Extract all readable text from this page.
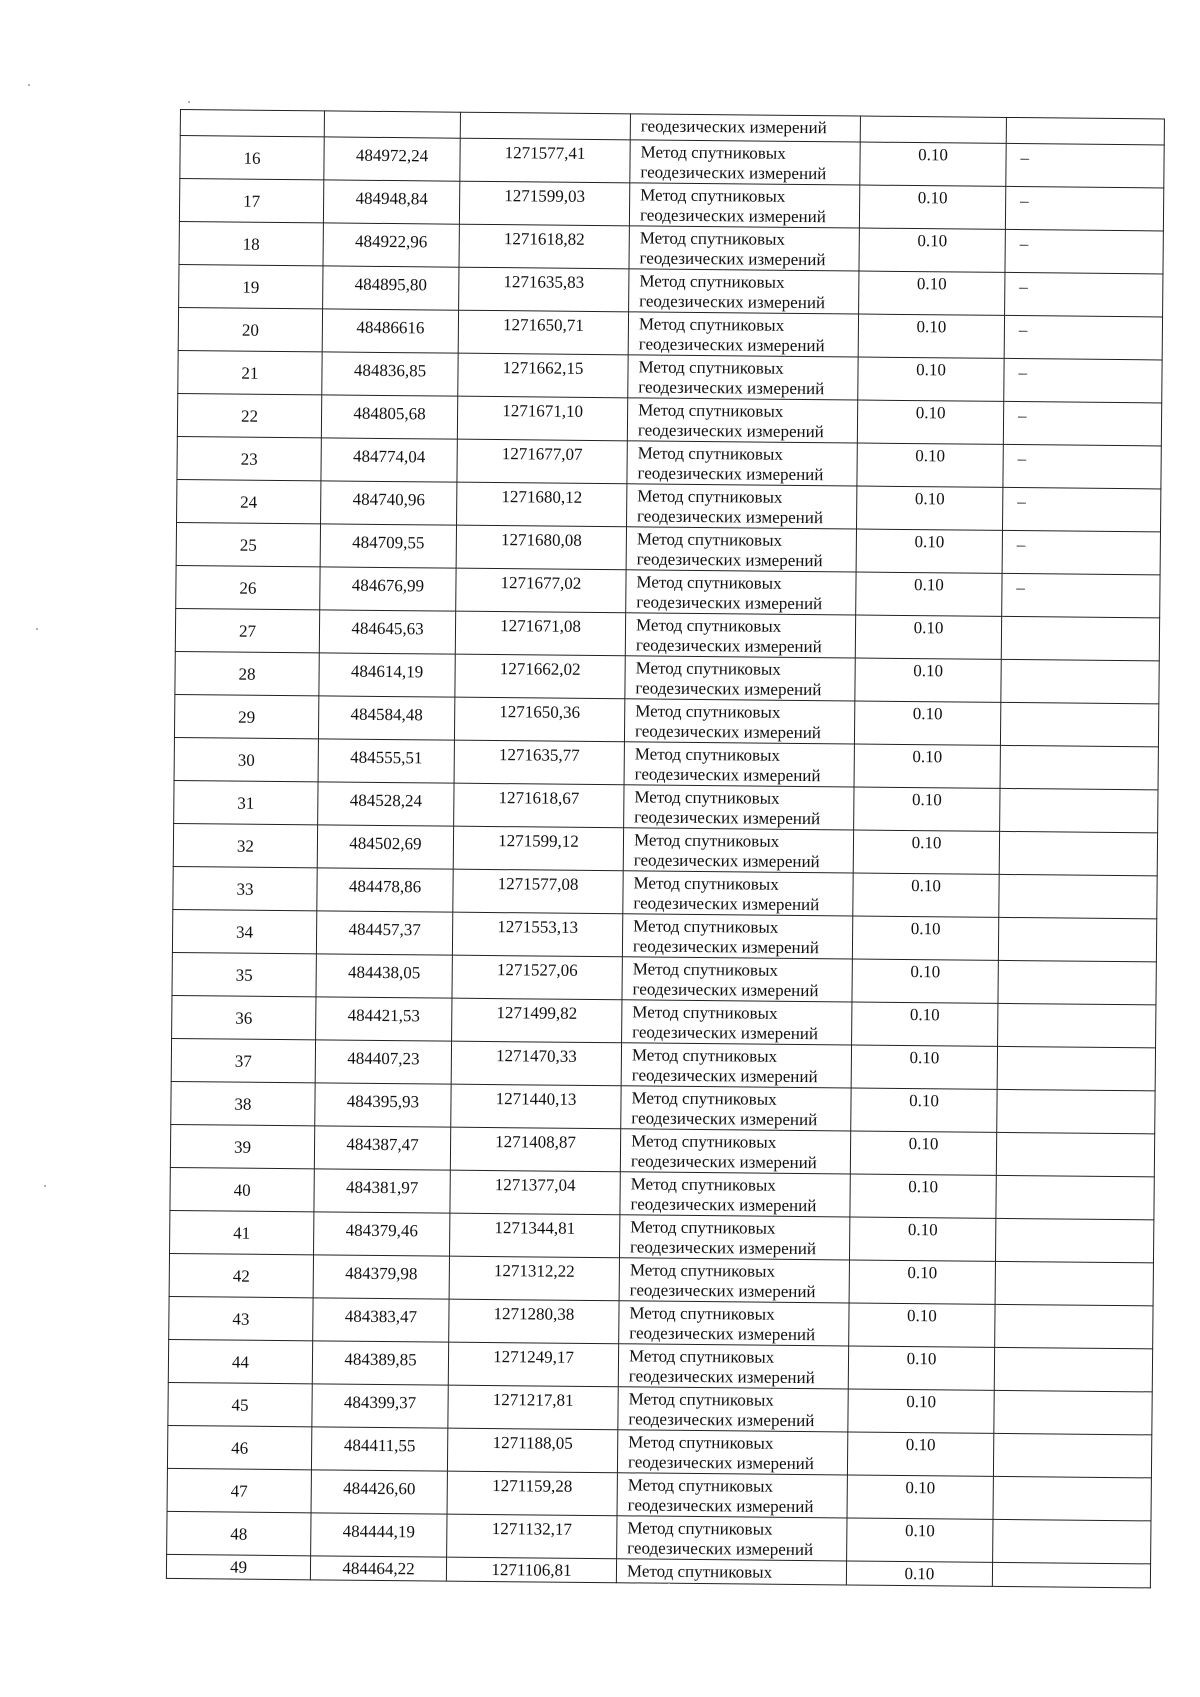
			геодезических измерений		
16	484972,24	1271577,41	Метод спутниковых
геодезических измерений	0.10	–
17	484948,84	1271599,03	Метод спутниковых
геодезических измерений	0.10	–
18	484922,96	1271618,82	Метод спутниковых
геодезических измерений	0.10	–
19	484895,80	1271635,83	Метод спутниковых
геодезических измерений	0.10	–
20	48486616	1271650,71	Метод спутниковых
геодезических измерений	0.10	–
21	484836,85	1271662,15	Метод спутниковых
геодезических измерений	0.10	–
22	484805,68	1271671,10	Метод спутниковых
геодезических измерений	0.10	–
23	484774,04	1271677,07	Метод спутниковых
геодезических измерений	0.10	–
24	484740,96	1271680,12	Метод спутниковых
геодезических измерений	0.10	–
25	484709,55	1271680,08	Метод спутниковых
геодезических измерений	0.10	–
26	484676,99	1271677,02	Метод спутниковых
геодезических измерений	0.10	–
27	484645,63	1271671,08	Метод спутниковых
геодезических измерений	0.10	
28	484614,19	1271662,02	Метод спутниковых
геодезических измерений	0.10	
29	484584,48	1271650,36	Метод спутниковых
геодезических измерений	0.10	
30	484555,51	1271635,77	Метод спутниковых
геодезических измерений	0.10	
31	484528,24	1271618,67	Метод спутниковых
геодезических измерений	0.10	
32	484502,69	1271599,12	Метод спутниковых
геодезических измерений	0.10	
33	484478,86	1271577,08	Метод спутниковых
геодезических измерений	0.10	
34	484457,37	1271553,13	Метод спутниковых
геодезических измерений	0.10	
35	484438,05	1271527,06	Метод спутниковых
геодезических измерений	0.10	
36	484421,53	1271499,82	Метод спутниковых
геодезических измерений	0.10	
37	484407,23	1271470,33	Метод спутниковых
геодезических измерений	0.10	
38	484395,93	1271440,13	Метод спутниковых
геодезических измерений	0.10	
39	484387,47	1271408,87	Метод спутниковых
геодезических измерений	0.10	
40	484381,97	1271377,04	Метод спутниковых
геодезических измерений	0.10	
41	484379,46	1271344,81	Метод спутниковых
геодезических измерений	0.10	
42	484379,98	1271312,22	Метод спутниковых
геодезических измерений	0.10	
43	484383,47	1271280,38	Метод спутниковых
геодезических измерений	0.10	
44	484389,85	1271249,17	Метод спутниковых
геодезических измерений	0.10	
45	484399,37	1271217,81	Метод спутниковых
геодезических измерений	0.10	
46	484411,55	1271188,05	Метод спутниковых
геодезических измерений	0.10	
47	484426,60	1271159,28	Метод спутниковых
геодезических измерений	0.10	
48	484444,19	1271132,17	Метод спутниковых
геодезических измерений	0.10	
49	484464,22	1271106,81	Метод спутниковых	0.10	
